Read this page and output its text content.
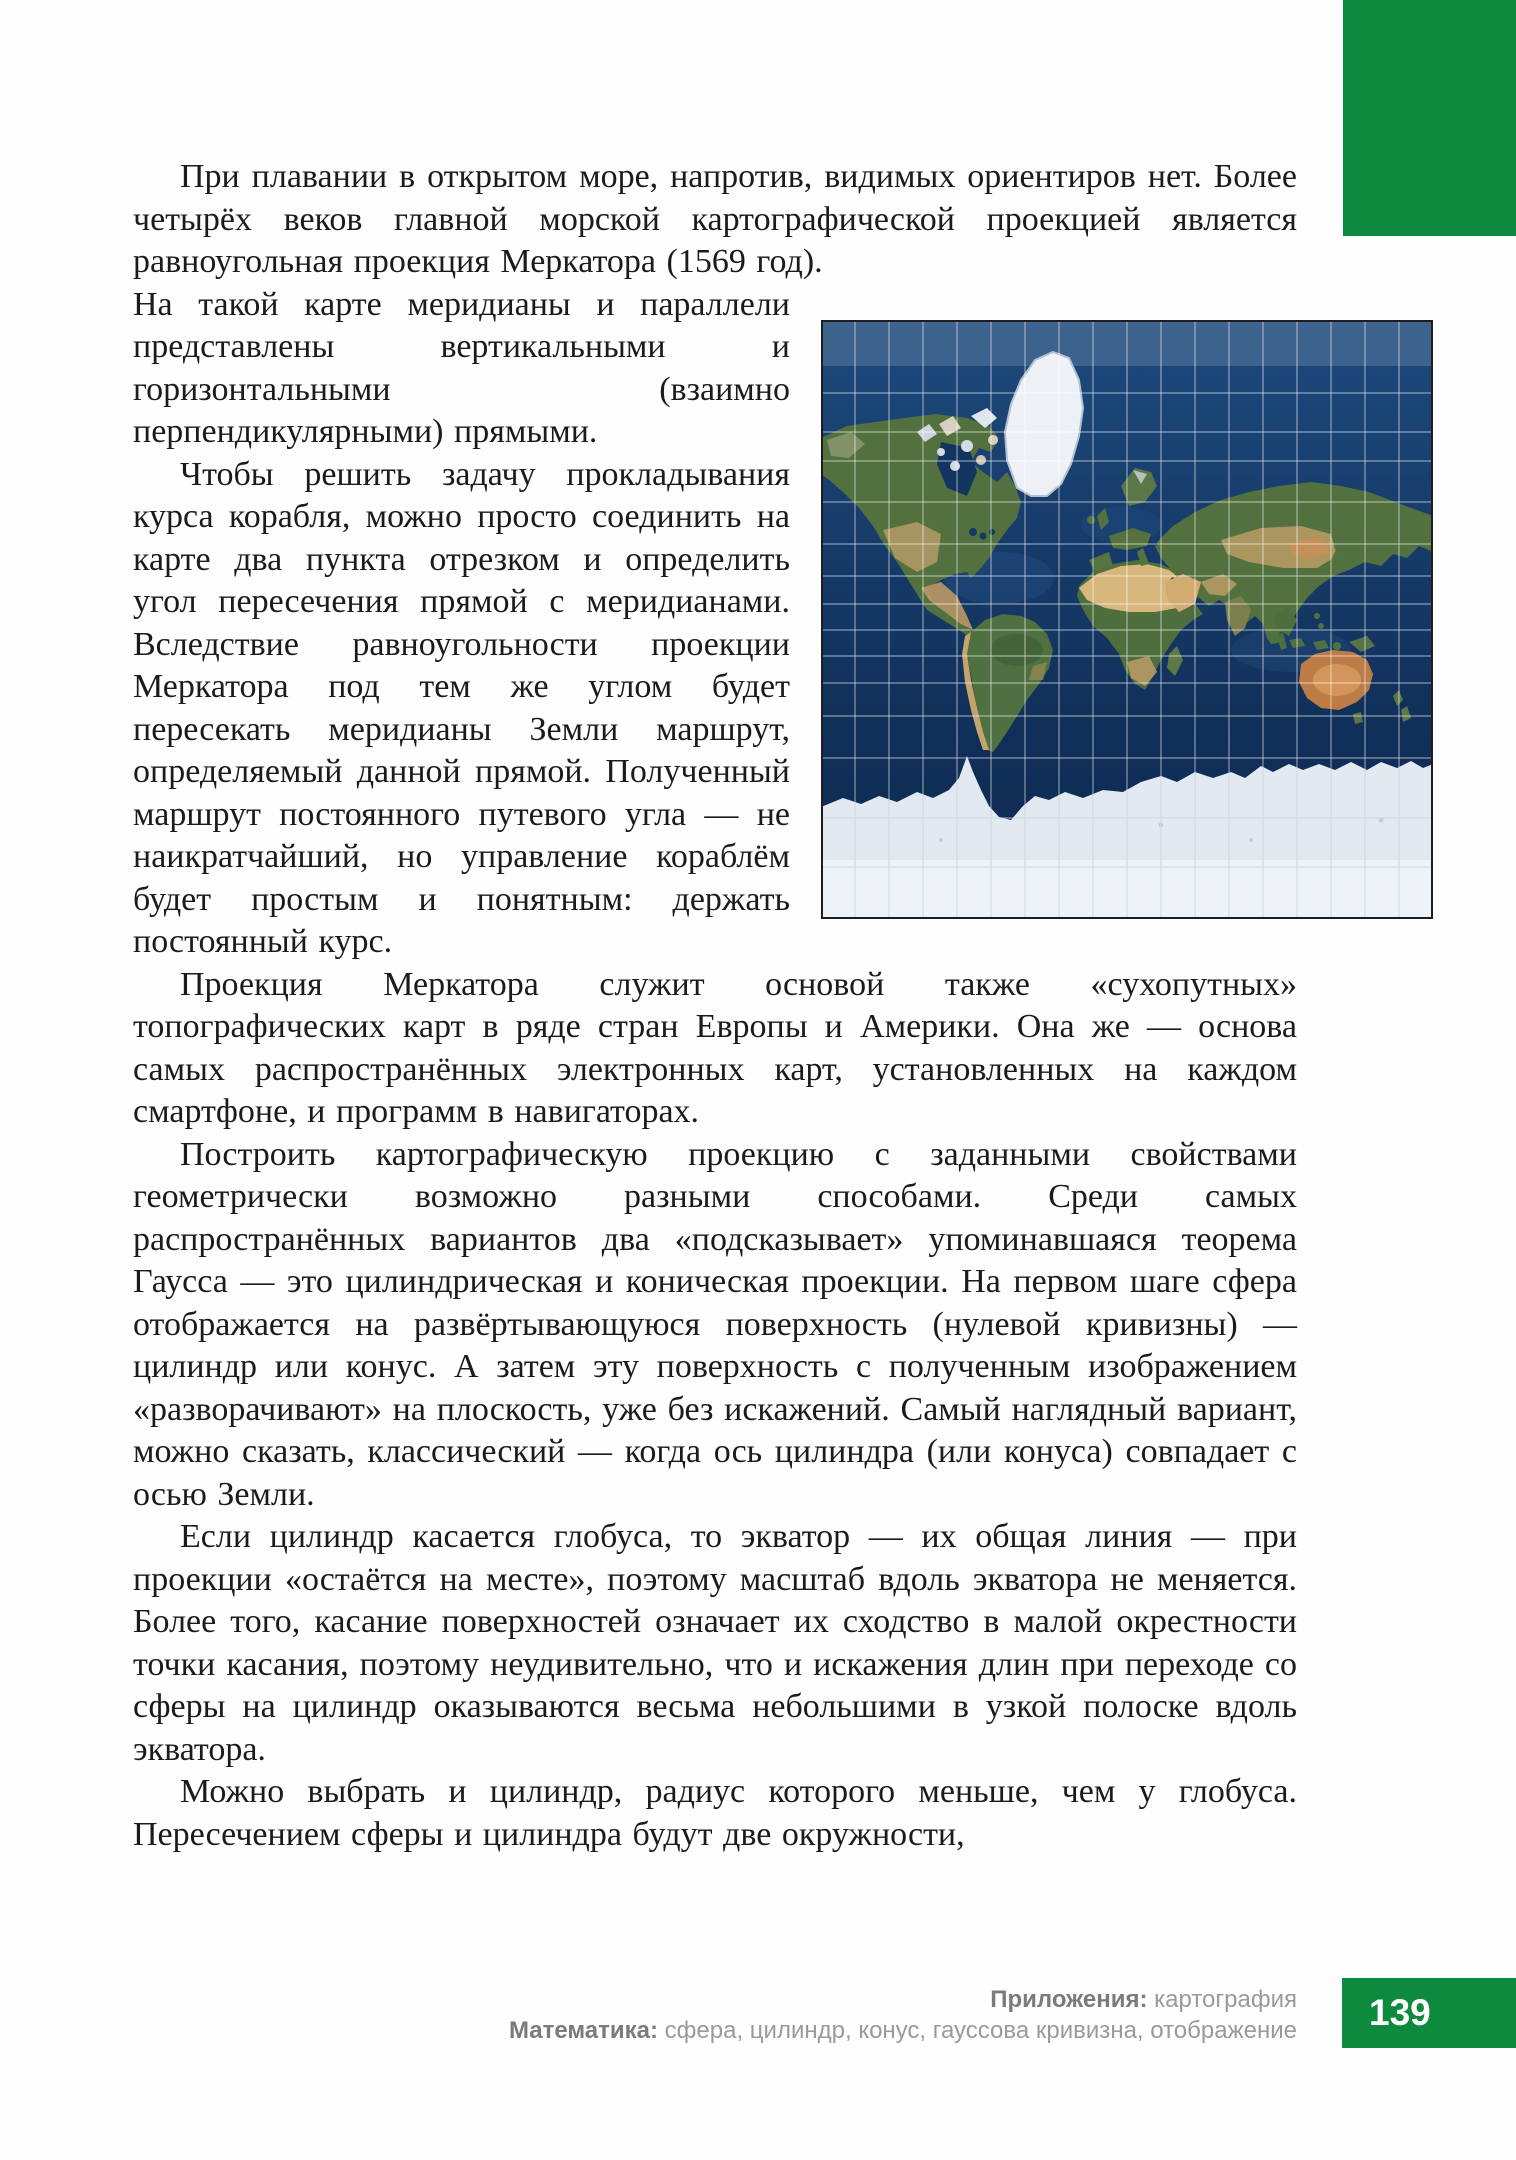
При плавании в открытом море, напротив, видимых ориентиров нет. Более четырёх веков главной морской картографической проекцией является равноугольная проекция Меркатора (1569 год).

На такой карте меридианы и параллели представлены вертикальными и горизонтальными (взаимно перпендикулярными) прямыми.

Чтобы решить задачу прокладывания курса корабля, можно просто соединить на карте два пункта отрезком и определить угол пересечения прямой с меридианами. Вследствие равноугольности проекции Меркатора под тем же углом будет пересекать меридианы Земли маршрут, определяемый данной прямой. Полученный маршрут постоянного путевого угла — не наикратчайший, но управление кораблём будет простым и понятным: держать постоянный курс.

Проекция Меркатора служит основой также «сухопутных» топографических карт в ряде стран Европы и Америки. Она же — основа самых распространённых электронных карт, установленных на каждом смартфоне, и программ в навигаторах.

Построить картографическую проекцию с заданными свойствами геометрически возможно разными способами. Среди самых распространённых вариантов два «подсказывает» упоминавшаяся теорема Гаусса — это цилиндрическая и коническая проекции. На первом шаге сфера отображается на развёртывающуюся поверхность (нулевой кривизны) — цилиндр или конус. А затем эту поверхность с полученным изображением «разворачивают» на плоскость, уже без искажений. Самый наглядный вариант, можно сказать, классический — когда ось цилиндра (или конуса) совпадает с осью Земли.

Если цилиндр касается глобуса, то экватор — их общая линия — при проекции «остаётся на месте», поэтому масштаб вдоль экватора не меняется. Более того, касание поверхностей означает их сходство в малой окрестности точки касания, поэтому неудивительно, что и искажения длин при переходе со сферы на цилиндр оказываются весьма небольшими в узкой полоске вдоль экватора.

Можно выбрать и цилиндр, радиус которого меньше, чем у глобуса. Пересечением сферы и цилиндра будут две окружности,

Приложения: картография
Математика: сфера, цилиндр, конус, гауссова кривизна, отображение	139
